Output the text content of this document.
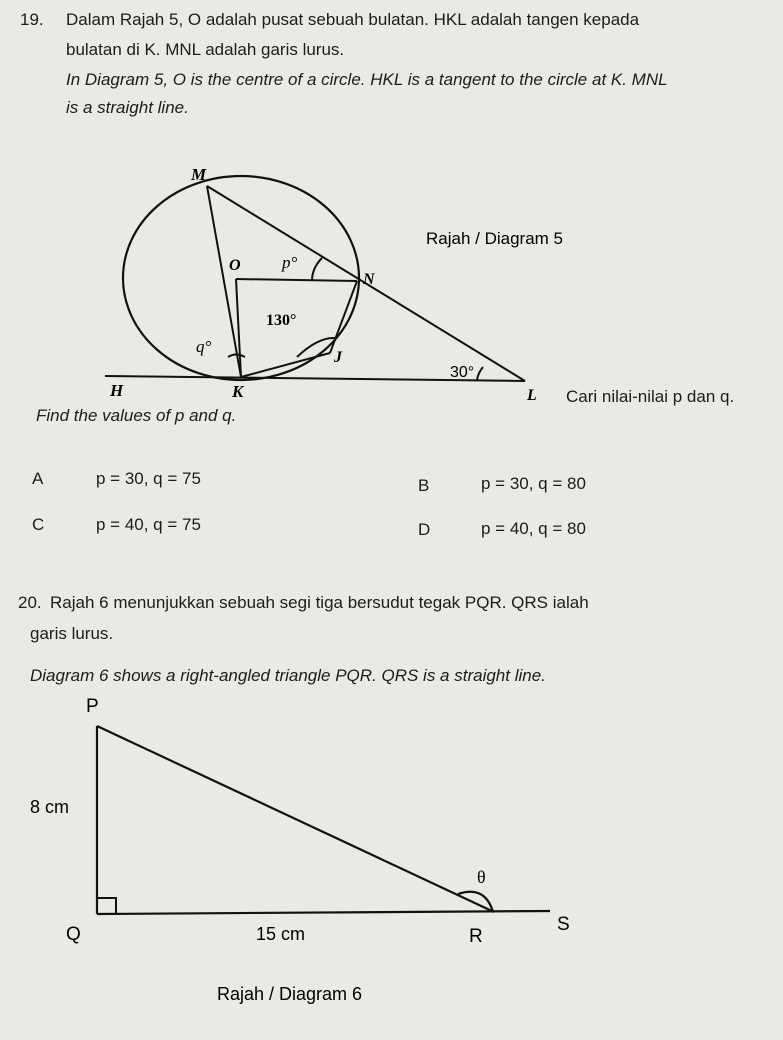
19. Dalam Rajah 5, O adalah pusat sebuah bulatan. HKL adalah tangen kepada
bulatan di K. MNL adalah garis lurus.
In Diagram 5, O is the centre of a circle. HKL is a tangent to the circle at K. MNL
is a straight line.
M
O
N
J
H	K	L
p°
130°
q°
30°
Rajah / Diagram 5
Cari nilai-nilai p dan q.
Find the values of p and q.
A	p = 30, q = 75	B	p = 30, q = 80
C	p = 40, q = 75	D	p = 40, q = 80
20. Rajah 6 menunjukkan sebuah segi tiga bersudut tegak PQR. QRS ialah
garis lurus.
Diagram 6 shows a right-angled triangle PQR. QRS is a straight line.
P
Q	R
S
θ
8 cm
15 cm
Rajah / Diagram 6
